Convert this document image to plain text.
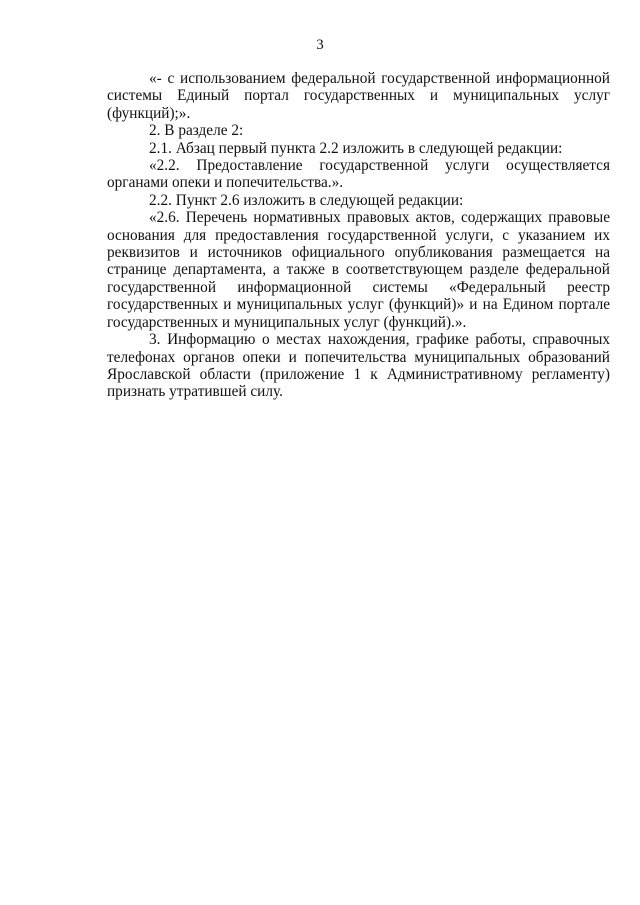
3

«- с использованием федеральной государственной информационной системы Единый портал государственных и муниципальных услуг (функций);».

2. В разделе 2:

2.1. Абзац первый пункта 2.2 изложить в следующей редакции:

«2.2. Предоставление государственной услуги осуществляется органами опеки и попечительства.».

2.2. Пункт 2.6 изложить в следующей редакции:

«2.6. Перечень нормативных правовых актов, содержащих правовые основания для предоставления государственной услуги, с указанием их реквизитов и источников официального опубликования размещается на странице департамента, а также в соответствующем разделе федеральной государственной информационной системы «Федеральный реестр государственных и муниципальных услуг (функций)» и на Едином портале государственных и муниципальных услуг (функций).».

3. Информацию о местах нахождения, графике работы, справочных телефонах органов опеки и попечительства муниципальных образований Ярославской области (приложение 1 к Административному регламенту) признать утратившей силу.
